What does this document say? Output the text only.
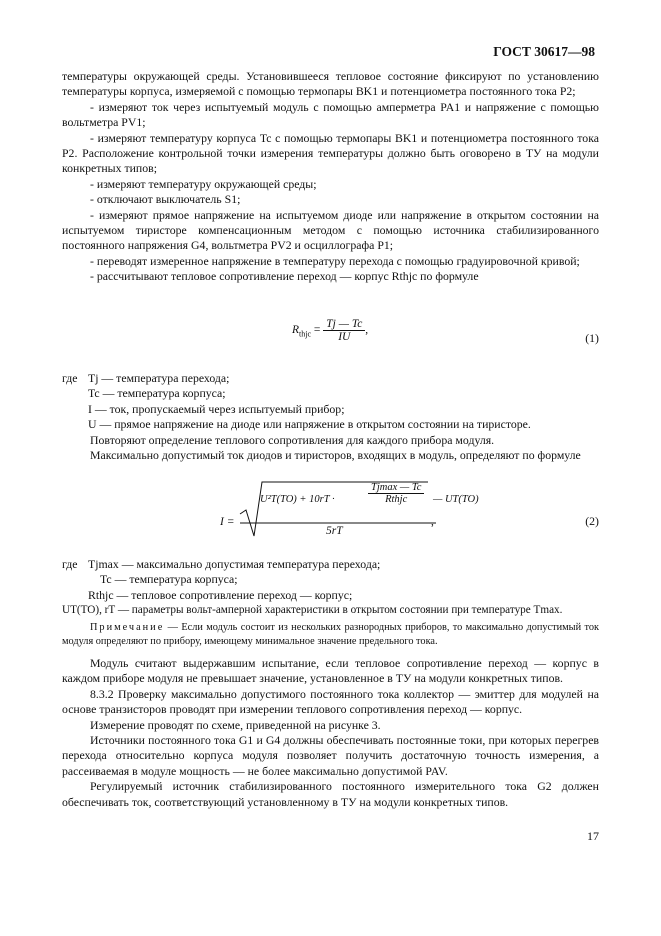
ГОСТ 30617—98

температуры окружающей среды. Установившееся тепловое состояние фиксируют по установлению температуры корпуса, измеряемой с помощью термопары BK1 и потенциометра постоянного тока P2;

- измеряют ток через испытуемый модуль с помощью амперметра PA1 и напряжение с помощью вольтметра PV1;

- измеряют температуру корпуса Tc с помощью термопары BK1 и потенциометра постоянного тока P2. Расположение контрольной точки измерения температуры должно быть оговорено в ТУ на модули конкретных типов;

- измеряют температуру окружающей среды;

- отключают выключатель S1;

- измеряют прямое напряжение на испытуемом диоде или напряжение в открытом состоянии на испытуемом тиристоре компенсационным методом с помощью источника стабилизированного постоянного напряжения G4, вольтметра PV2 и осциллографа P1;

- переводят измеренное напряжение в температуру перехода с помощью градуировочной кривой;

- рассчитывают тепловое сопротивление переход — корпус Rthjc по формуле

$R_{thjc} = \frac{Tj — Tc}{IU}$ ,
(1)
где Tj — температура перехода;
Tc — температура корпуса;
I — ток, пропускаемый через испытуемый прибор;
U — прямое напряжение на диоде или напряжение в открытом состоянии на тиристоре.

Повторяют определение теплового сопротивления для каждого прибора модуля.

Максимально допустимый ток диодов и тиристоров, входящих в модуль, определяют по формуле

I =
U²T(TO) + 10rT ·
Tjmax — Tc
Rthjc	— UT(TO)
5rT
,	(2)
где Tjmax — максимально допустимая температура перехода;
Tc — температура корпуса;
Rthjc — тепловое сопротивление переход — корпус;
UT(TO), rT — параметры вольт-амперной характеристики в открытом состоянии при температуре Tmax.

Примечание — Если модуль состоит из нескольких разнородных приборов, то максимально допустимый ток модуля определяют по прибору, имеющему минимальное значение предельного тока.

Модуль считают выдержавшим испытание, если тепловое сопротивление переход — корпус в каждом приборе модуля не превышает значение, установленное в ТУ на модули конкретных типов.

8.3.2 Проверку максимально допустимого постоянного тока коллектор — эмиттер для модулей на основе транзисторов проводят при измерении теплового сопротивления переход — корпус.

Измерение проводят по схеме, приведенной на рисунке 3.

Источники постоянного тока G1 и G4 должны обеспечивать постоянные токи, при которых перегрев перехода относительно корпуса модуля позволяет получить достаточную точность измерения, а рассеиваемая в модуле мощность — не более максимально допустимой PAV.

Регулируемый источник стабилизированного постоянного измерительного тока G2 должен обеспечивать ток, соответствующий установленному в ТУ на модули конкретных типов.

17
